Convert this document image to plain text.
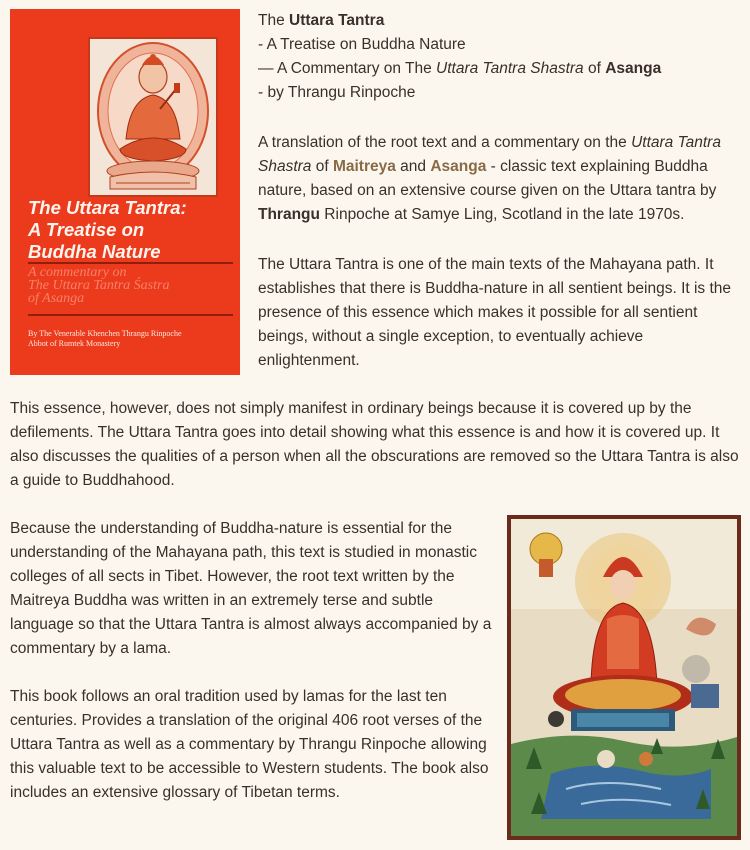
The Uttara Tantra:
A Treatise on
Buddha Nature
A commentary on
The Uttara Tantra Śastra
of Asanga
By The Venerable Khenchen Thrangu Rinpoche
Abbot of Rumtek Monastery
The Uttara Tantra
- A Treatise on Buddha Nature
— A Commentary on The Uttara Tantra Shastra of Asanga
- by Thrangu Rinpoche
A translation of the root text and a commentary on the Uttara Tantra Shastra of Maitreya and Asanga - classic text explaining Buddha nature, based on an extensive course given on the Uttara tantra by Thrangu Rinpoche at Samye Ling, Scotland in the late 1970s.
The Uttara Tantra is one of the main texts of the Mahayana path. It establishes that there is Buddha-nature in all sentient beings. It is the presence of this essence which makes it possible for all sentient beings, without a single exception, to eventually achieve enlightenment.
This essence, however, does not simply manifest in ordinary beings because it is covered up by the defilements. The Uttara Tantra goes into detail showing what this essence is and how it is covered up. It also discusses the qualities of a person when all the obscurations are removed so the Uttara Tantra is also a guide to Buddhahood.
Because the understanding of Buddha-nature is essential for the understanding of the Mahayana path, this text is studied in monastic colleges of all sects in Tibet. However, the root text written by the Maitreya Buddha was written in an extremely terse and subtle language so that the Uttara Tantra is almost always accompanied by a commentary by a lama.
This book follows an oral tradition used by lamas for the last ten centuries. Provides a translation of the original 406 root verses of the Uttara Tantra as well as a commentary by Thrangu Rinpoche allowing this valuable text to be accessible to Western students. The book also includes an extensive glossary of Tibetan terms.
